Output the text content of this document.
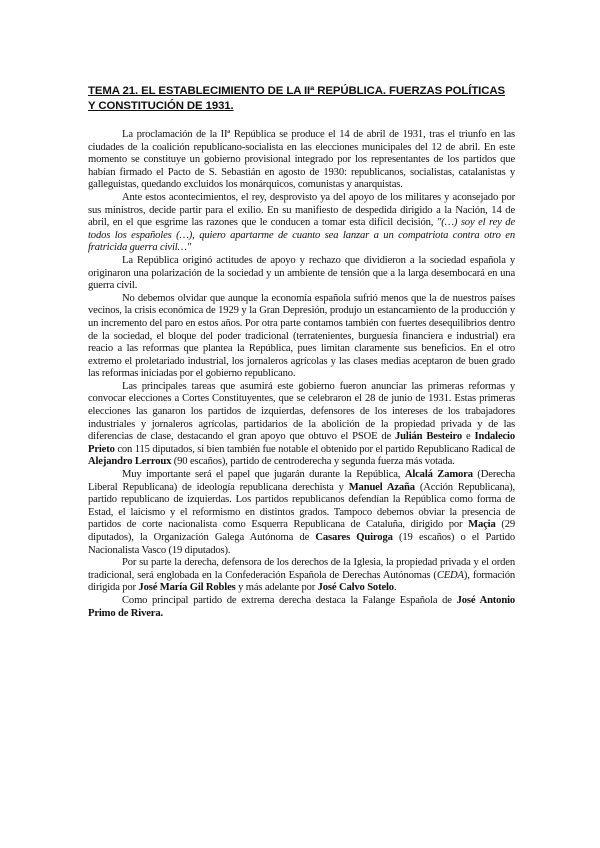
TEMA 21. EL ESTABLECIMIENTO DE LA IIª REPÚBLICA. FUERZAS POLÍTICAS Y CONSTITUCIÓN DE 1931.

La proclamación de la IIª República se produce el 14 de abril de 1931, tras el triunfo en las ciudades de la coalición republicano-socialista en las elecciones municipales del 12 de abril. En este momento se constituye un gobierno provisional integrado por los representantes de los partidos que habían firmado el Pacto de S. Sebastián en agosto de 1930: republicanos, socialistas, catalanistas y galleguistas, quedando excluidos los monárquicos, comunistas y anarquistas.

Ante estos acontecimientos, el rey, desprovisto ya del apoyo de los militares y aconsejado por sus ministros, decide partir para el exilio. En su manifiesto de despedida dirigido a la Nación, 14 de abril, en el que esgrime las razones que le conducen a tomar esta difícil decisión, "(…) soy el rey de todos los españoles (…), quiero apartarme de cuanto sea lanzar a un compatriota contra otro en fratricida guerra civil…"

La República originó actitudes de apoyo y rechazo que dividieron a la sociedad española y originaron una polarización de la sociedad y un ambiente de tensión que a la larga desembocará en una guerra civil.

No debemos olvidar que aunque la economía española sufrió menos que la de nuestros países vecinos, la crisis económica de 1929 y la Gran Depresión, produjo un estancamiento de la producción y un incremento del paro en estos años. Por otra parte contamos también con fuertes desequilibrios dentro de la sociedad, el bloque del poder tradicional (terratenientes, burguesía financiera e industrial) era reacio a las reformas que plantea la República, pues limitan claramente sus beneficios. En el otro extremo el proletariado industrial, los jornaleros agrícolas y las clases medias aceptaron de buen grado las reformas iniciadas por el gobierno republicano.

Las principales tareas que asumirá este gobierno fueron anunciar las primeras reformas y convocar elecciones a Cortes Constituyentes, que se celebraron el 28 de junio de 1931. Estas primeras elecciones las ganaron los partidos de izquierdas, defensores de los intereses de los trabajadores industriales y jornaleros agrícolas, partidarios de la abolición de la propiedad privada y de las diferencias de clase, destacando el gran apoyo que obtuvo el PSOE de Julián Besteiro e Indalecio Prieto con 115 diputados, si bien también fue notable el obtenido por el partido Republicano Radical de Alejandro Lerroux (90 escaños), partido de centroderecha y segunda fuerza más votada.

Muy importante será el papel que jugarán durante la República, Alcalá Zamora (Derecha Liberal Republicana) de ideología republicana derechista y Manuel Azaña (Acción Republicana), partido republicano de izquierdas. Los partidos republicanos defendían la República como forma de Estad, el laicismo y el reformismo en distintos grados. Tampoco debemos obviar la presencia de partidos de corte nacionalista como Esquerra Republicana de Cataluña, dirigido por Maçia (29 diputados), la Organización Galega Autónoma de Casares Quiroga (19 escaños) o el Partido Nacionalista Vasco (19 diputados).

Por su parte la derecha, defensora de los derechos de la Iglesia, la propiedad privada y el orden tradicional, será englobada en la Confederación Española de Derechas Autónomas (CEDA), formación dirigida por José María Gil Robles y más adelante por José Calvo Sotelo.

Como principal partido de extrema derecha destaca la Falange Española de José Antonio Primo de Rivera.
